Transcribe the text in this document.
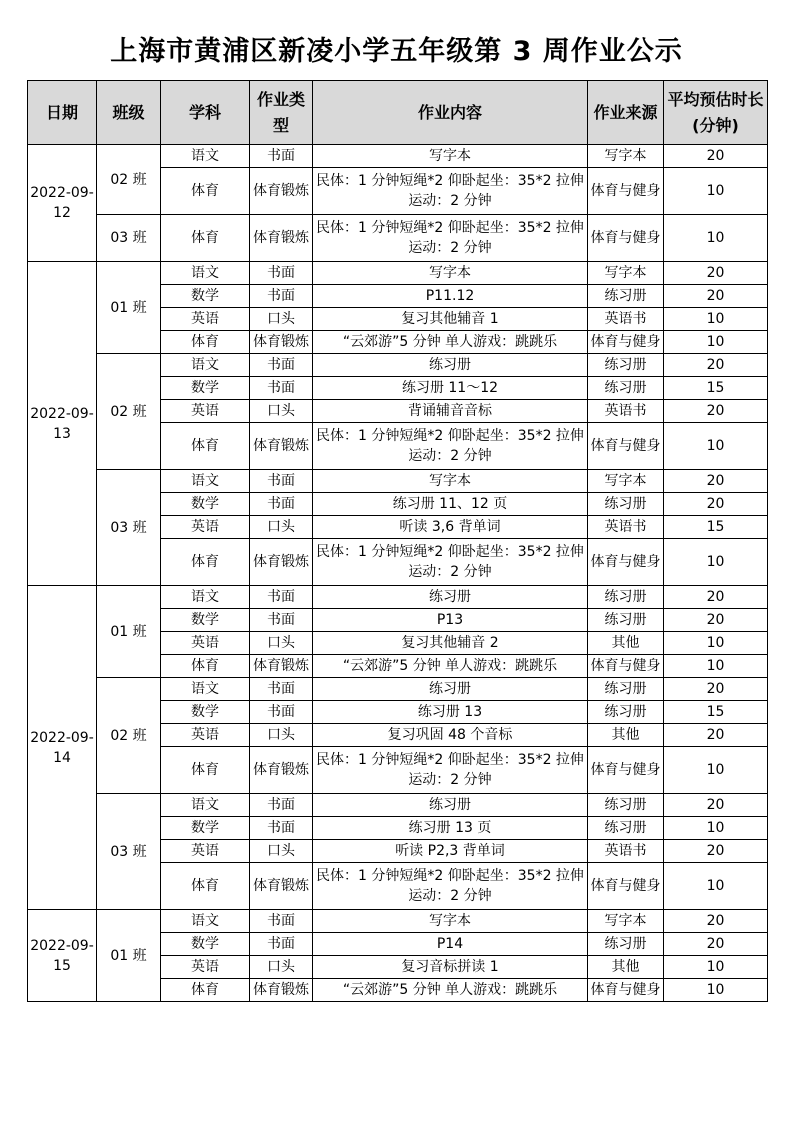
上海市黄浦区新凌小学五年级第 3 周作业公示
日期	班级	学科	作业类型	作业内容	作业来源	平均预估时长(分钟)
2022-09-12	02 班	语文	书面	写字本	写字本	20
		体育	体育锻炼	民体：1 分钟短绳*2 仰卧起坐：35*2 拉伸运动：2 分钟	体育与健身	10
	03 班	体育	体育锻炼	民体：1 分钟短绳*2 仰卧起坐：35*2 拉伸运动：2 分钟	体育与健身	10
2022-09-13	01 班	语文	书面	写字本	写字本	20
		数学	书面	P11.12	练习册	20
		英语	口头	复习其他辅音 1	英语书	10
		体育	体育锻炼	“云郊游”5 分钟 单人游戏：跳跳乐	体育与健身	10
	02 班	语文	书面	练习册	练习册	20
		数学	书面	练习册 11～12	练习册	15
		英语	口头	背诵辅音音标	英语书	20
		体育	体育锻炼	民体：1 分钟短绳*2 仰卧起坐：35*2 拉伸运动：2 分钟	体育与健身	10
	03 班	语文	书面	写字本	写字本	20
		数学	书面	练习册 11、12 页	练习册	20
		英语	口头	听读 3,6 背单词	英语书	15
		体育	体育锻炼	民体：1 分钟短绳*2 仰卧起坐：35*2 拉伸运动：2 分钟	体育与健身	10
2022-09-14	01 班	语文	书面	练习册	练习册	20
		数学	书面	P13	练习册	20
		英语	口头	复习其他辅音 2	其他	10
		体育	体育锻炼	“云郊游”5 分钟 单人游戏：跳跳乐	体育与健身	10
	02 班	语文	书面	练习册	练习册	20
		数学	书面	练习册 13	练习册	15
		英语	口头	复习巩固 48 个音标	其他	20
		体育	体育锻炼	民体：1 分钟短绳*2 仰卧起坐：35*2 拉伸运动：2 分钟	体育与健身	10
	03 班	语文	书面	练习册	练习册	20
		数学	书面	练习册 13 页	练习册	10
		英语	口头	听读 P2,3 背单词	英语书	20
		体育	体育锻炼	民体：1 分钟短绳*2 仰卧起坐：35*2 拉伸运动：2 分钟	体育与健身	10
2022-09-15	01 班	语文	书面	写字本	写字本	20
		数学	书面	P14	练习册	20
		英语	口头	复习音标拼读 1	其他	10
		体育	体育锻炼	“云郊游”5 分钟 单人游戏：跳跳乐	体育与健身	10
